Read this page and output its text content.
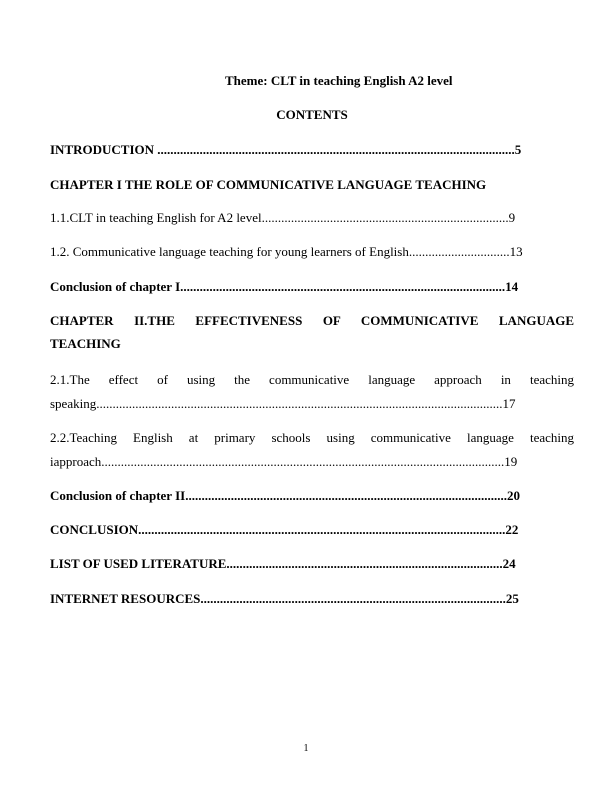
Theme: CLT in teaching English A2 level
CONTENTS
INTRODUCTION ..............................................................................................................5
CHAPTER I THE ROLE OF COMMUNICATIVE LANGUAGE TEACHING
1.1.CLT in teaching English for A2 level............................................................................9
1.2. Communicative language teaching for young learners of English...............................13
Conclusion of chapter I....................................................................................................14
CHAPTER II.THE EFFECTIVENESS OF COMMUNICATIVE LANGUAGE
TEACHING
2.1.The effect of using the communicative language approach in teaching
speaking.............................................................................................................................17
2.2.Teaching English at primary schools using communicative language teaching
iapproach............................................................................................................................19
Conclusion of chapter II...................................................................................................20
CONCLUSION.................................................................................................................22
LIST OF USED LITERATURE.....................................................................................24
INTERNET RESOURCES..............................................................................................25
1
